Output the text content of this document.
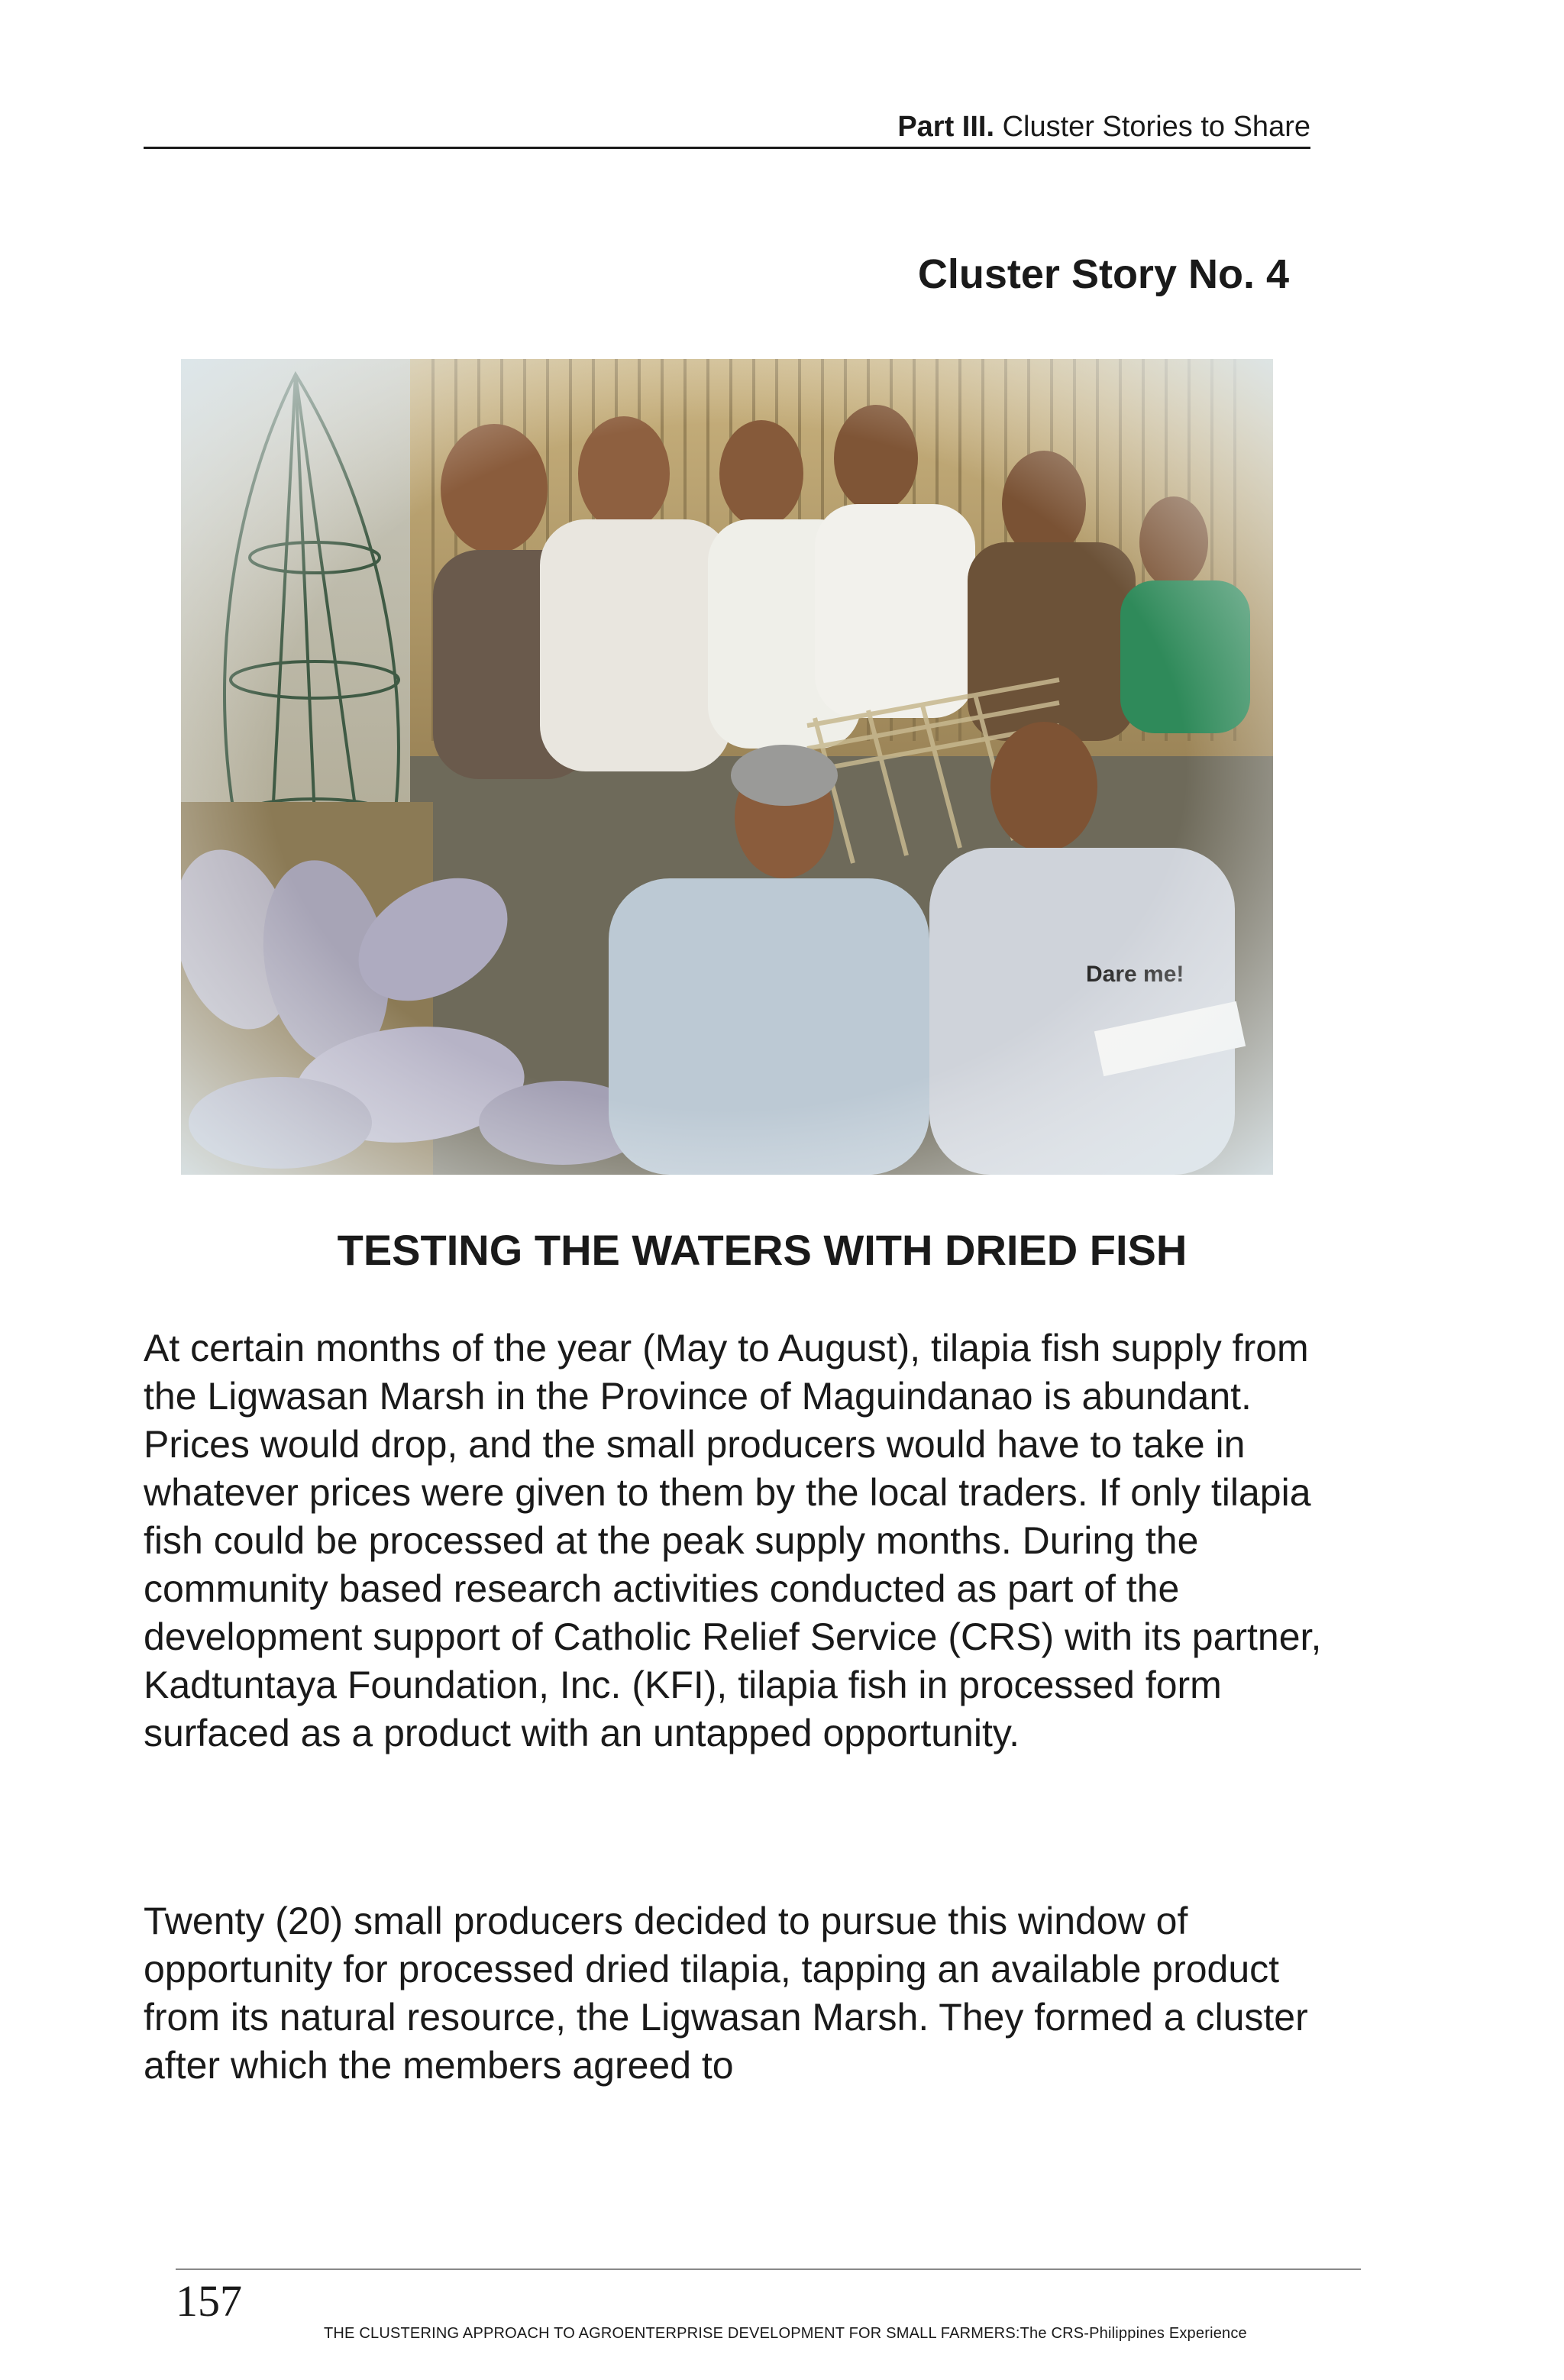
Part III. Cluster Stories to Share
Cluster Story No. 4
TESTING THE WATERS WITH DRIED FISH

At certain months of the year (May to August), tilapia fish supply from the Ligwasan Marsh in the Province of Maguindanao is abundant. Prices would drop, and the small producers would have to take in whatever prices were given to them by the local traders. If only tilapia fish could be processed at the peak supply months. During the community based research activities conducted as part of the development support of Catholic Relief Service (CRS) with its partner, Kadtuntaya Foundation, Inc. (KFI), tilapia fish in processed form surfaced as a product with an untapped opportunity.

Twenty (20) small producers decided to pursue this window of opportunity for processed dried tilapia, tapping an available product from its natural resource, the Ligwasan Marsh. They formed a cluster after which the members agreed to

157
THE CLUSTERING APPROACH TO AGROENTERPRISE DEVELOPMENT FOR SMALL FARMERS:The CRS-Philippines Experience
